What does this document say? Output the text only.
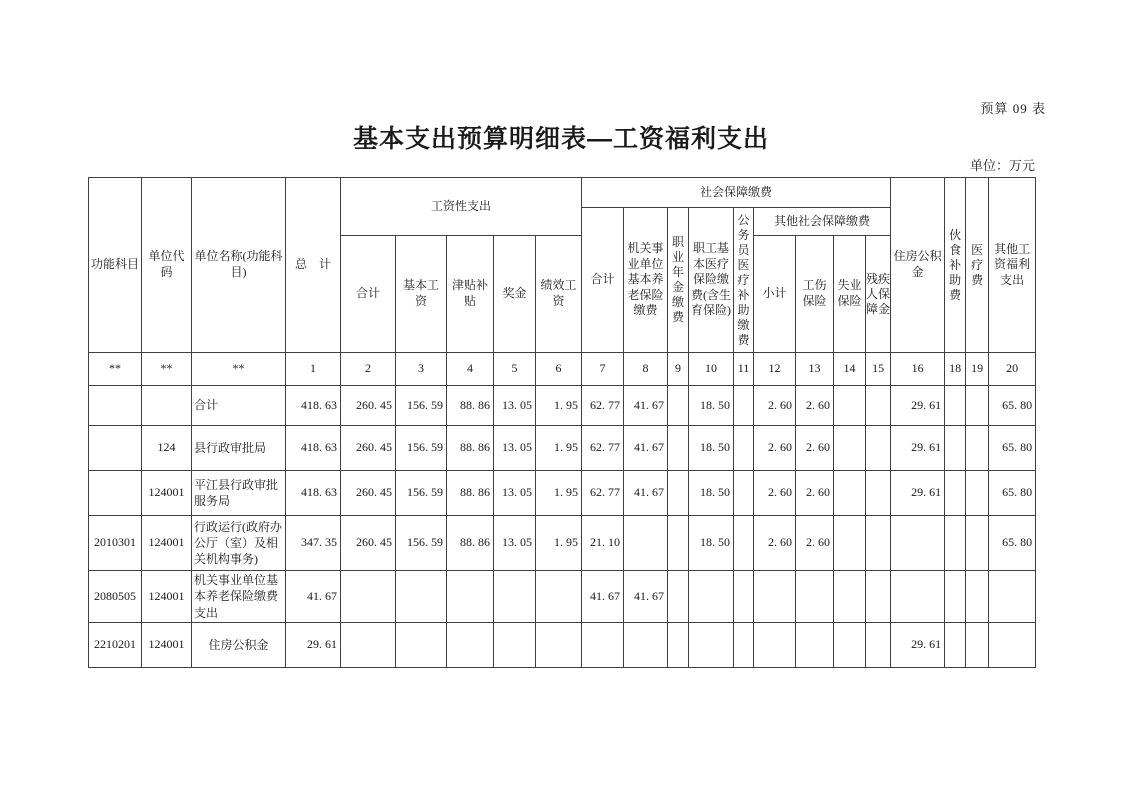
预算 09 表
基本支出预算明细表—工资福利支出
单位：万元
功能科目	单位代码	单位名称(功能科目)	总　计	工资性支出					社会保障缴费									住房公积金	伙食补助费	医疗费	其他工资福利支出
									合计	机关事业单位基本养老保险缴费	职业年金缴费	职工基本医疗保险缴费(含生育保险)	公务员医疗补助缴费	其他社会保障缴费							
				合计	基本工资	津贴补贴	奖金	绩效工资						小计	工伤保险	失业保险	残疾人保障金				
**	**	**	1	2	3	4	5	6	7	8	9	10	11	12	13	14	15	16	18	19	20
		合计	418. 63	260. 45	156. 59	88. 86	13. 05	1. 95	62. 77	41. 67		18. 50		2. 60	2. 60			29. 61			65. 80
	124	县行政审批局	418. 63	260. 45	156. 59	88. 86	13. 05	1. 95	62. 77	41. 67		18. 50		2. 60	2. 60			29. 61			65. 80
	124001	平江县行政审批服务局	418. 63	260. 45	156. 59	88. 86	13. 05	1. 95	62. 77	41. 67		18. 50		2. 60	2. 60			29. 61			65. 80
2010301	124001	行政运行(政府办公厅（室）及相关机构事务)	347. 35	260. 45	156. 59	88. 86	13. 05	1. 95	21. 10			18. 50		2. 60	2. 60						65. 80
2080505	124001	机关事业单位基本养老保险缴费支出	41. 67						41. 67	41. 67											
2210201	124001	住房公积金	29. 61															29. 61			
